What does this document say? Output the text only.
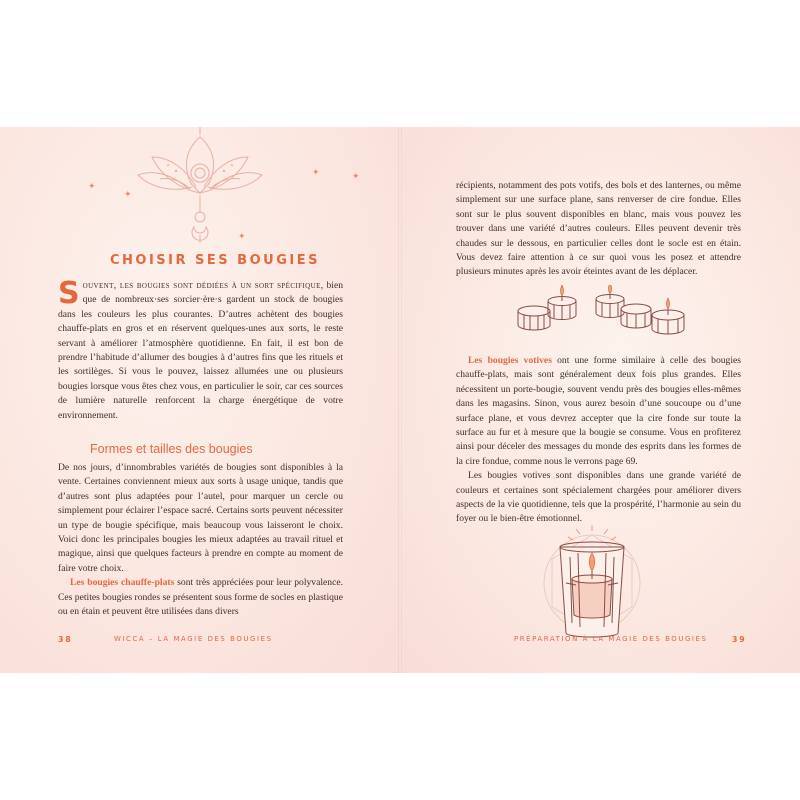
✦
✦
✦
✦
✦
CHOISIR SES BOUGIES

Souvent, les bougies sont dédiées à un sort spécifique, bien que de nombreux·ses sorcier·ère·s gardent un stock de bougies dans les couleurs les plus courantes. D’autres achètent des bougies chauffe-plats en gros et en réservent quelques-unes aux sorts, le reste servant à améliorer l’atmosphère quotidienne. En fait, il est bon de prendre l’habitude d’allumer des bougies à d’autres fins que les rituels et les sortilèges. Si vous le pouvez, laissez allumées une ou plusieurs bougies lorsque vous êtes chez vous, en particulier le soir, car ces sources de lumière naturelle renforcent la charge énergétique de votre environnement.

Formes et tailles des bougies

De nos jours, d’innombrables variétés de bougies sont disponibles à la vente. Certaines conviennent mieux aux sorts à usage unique, tandis que d’autres sont plus adaptées pour l’autel, pour marquer un cercle ou simplement pour éclairer l’espace sacré. Certains sorts peuvent nécessiter un type de bougie spécifique, mais beaucoup vous laisseront le choix. Voici donc les principales bougies les mieux adaptées au travail rituel et magique, ainsi que quelques facteurs à prendre en compte au moment de faire votre choix.

Les bougies chauffe-plats sont très appréciées pour leur polyvalence. Ces petites bougies rondes se présentent sous forme de socles en plastique ou en étain et peuvent être utilisées dans divers

38	WICCA – LA MAGIE DES BOUGIES

récipients, notamment des pots votifs, des bols et des lanternes, ou même simplement sur une surface plane, sans renverser de cire fondue. Elles sont sur le plus souvent disponibles en blanc, mais vous pouvez les trouver dans une variété d’autres couleurs. Elles peuvent devenir très chaudes sur le dessous, en particulier celles dont le socle est en étain. Vous devez faire attention à ce sur quoi vous les posez et attendre plusieurs minutes après les avoir éteintes avant de les déplacer.

Les bougies votives ont une forme similaire à celle des bougies chauffe-plats, mais sont généralement deux fois plus grandes. Elles nécessitent un porte-bougie, souvent vendu près des bougies elles-mêmes dans les magasins. Sinon, vous aurez besoin d’une soucoupe ou d’une surface plane, et vous devrez accepter que la cire fonde sur toute la surface au fur et à mesure que la bougie se consume. Vous en profiterez ainsi pour déceler des messages du monde des esprits dans les formes de la cire fondue, comme nous le verrons page 69.

Les bougies votives sont disponibles dans une grande variété de couleurs et certaines sont spécialement chargées pour améliorer divers aspects de la vie quotidienne, tels que la prospérité, l’harmonie au sein du foyer ou le bien-être émotionnel.

PRÉPARATION À LA MAGIE DES BOUGIES	39
